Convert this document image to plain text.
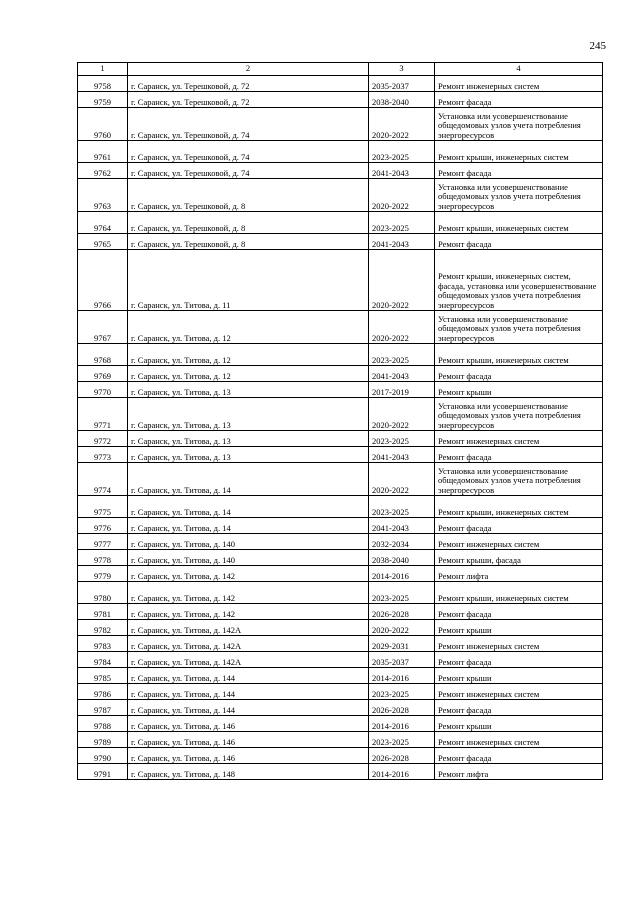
245
1	2	3	4
9758	г. Саранск, ул. Терешковой, д. 72	2035-2037	Ремонт инженерных систем
9759	г. Саранск, ул. Терешковой, д. 72	2038-2040	Ремонт фасада
9760	г. Саранск, ул. Терешковой, д. 74	2020-2022	Установка или усовершенствование общедомовых узлов учета потребления энергоресурсов
9761	г. Саранск, ул. Терешковой, д. 74	2023-2025	Ремонт крыши, инженерных систем
9762	г. Саранск, ул. Терешковой, д. 74	2041-2043	Ремонт фасада
9763	г. Саранск, ул. Терешковой, д. 8	2020-2022	Установка или усовершенствование общедомовых узлов учета потребления энергоресурсов
9764	г. Саранск, ул. Терешковой, д. 8	2023-2025	Ремонт крыши, инженерных систем
9765	г. Саранск, ул. Терешковой, д. 8	2041-2043	Ремонт фасада
9766	г. Саранск, ул. Титова, д. 11	2020-2022	Ремонт крыши, инженерных систем, фасада, установка или усовершенствование общедомовых узлов учета потребления энергоресурсов
9767	г. Саранск, ул. Титова, д. 12	2020-2022	Установка или усовершенствование общедомовых узлов учета потребления энергоресурсов
9768	г. Саранск, ул. Титова, д. 12	2023-2025	Ремонт крыши, инженерных систем
9769	г. Саранск, ул. Титова, д. 12	2041-2043	Ремонт фасада
9770	г. Саранск, ул. Титова, д. 13	2017-2019	Ремонт крыши
9771	г. Саранск, ул. Титова, д. 13	2020-2022	Установка или усовершенствование общедомовых узлов учета потребления энергоресурсов
9772	г. Саранск, ул. Титова, д. 13	2023-2025	Ремонт инженерных систем
9773	г. Саранск, ул. Титова, д. 13	2041-2043	Ремонт фасада
9774	г. Саранск, ул. Титова, д. 14	2020-2022	Установка или усовершенствование общедомовых узлов учета потребления энергоресурсов
9775	г. Саранск, ул. Титова, д. 14	2023-2025	Ремонт крыши, инженерных систем
9776	г. Саранск, ул. Титова, д. 14	2041-2043	Ремонт фасада
9777	г. Саранск, ул. Титова, д. 140	2032-2034	Ремонт инженерных систем
9778	г. Саранск, ул. Титова, д. 140	2038-2040	Ремонт крыши, фасада
9779	г. Саранск, ул. Титова, д. 142	2014-2016	Ремонт лифта
9780	г. Саранск, ул. Титова, д. 142	2023-2025	Ремонт крыши, инженерных систем
9781	г. Саранск, ул. Титова, д. 142	2026-2028	Ремонт фасада
9782	г. Саранск, ул. Титова, д. 142А	2020-2022	Ремонт крыши
9783	г. Саранск, ул. Титова, д. 142А	2029-2031	Ремонт инженерных систем
9784	г. Саранск, ул. Титова, д. 142А	2035-2037	Ремонт фасада
9785	г. Саранск, ул. Титова, д. 144	2014-2016	Ремонт крыши
9786	г. Саранск, ул. Титова, д. 144	2023-2025	Ремонт инженерных систем
9787	г. Саранск, ул. Титова, д. 144	2026-2028	Ремонт фасада
9788	г. Саранск, ул. Титова, д. 146	2014-2016	Ремонт крыши
9789	г. Саранск, ул. Титова, д. 146	2023-2025	Ремонт инженерных систем
9790	г. Саранск, ул. Титова, д. 146	2026-2028	Ремонт фасада
9791	г. Саранск, ул. Титова, д. 148	2014-2016	Ремонт лифта
